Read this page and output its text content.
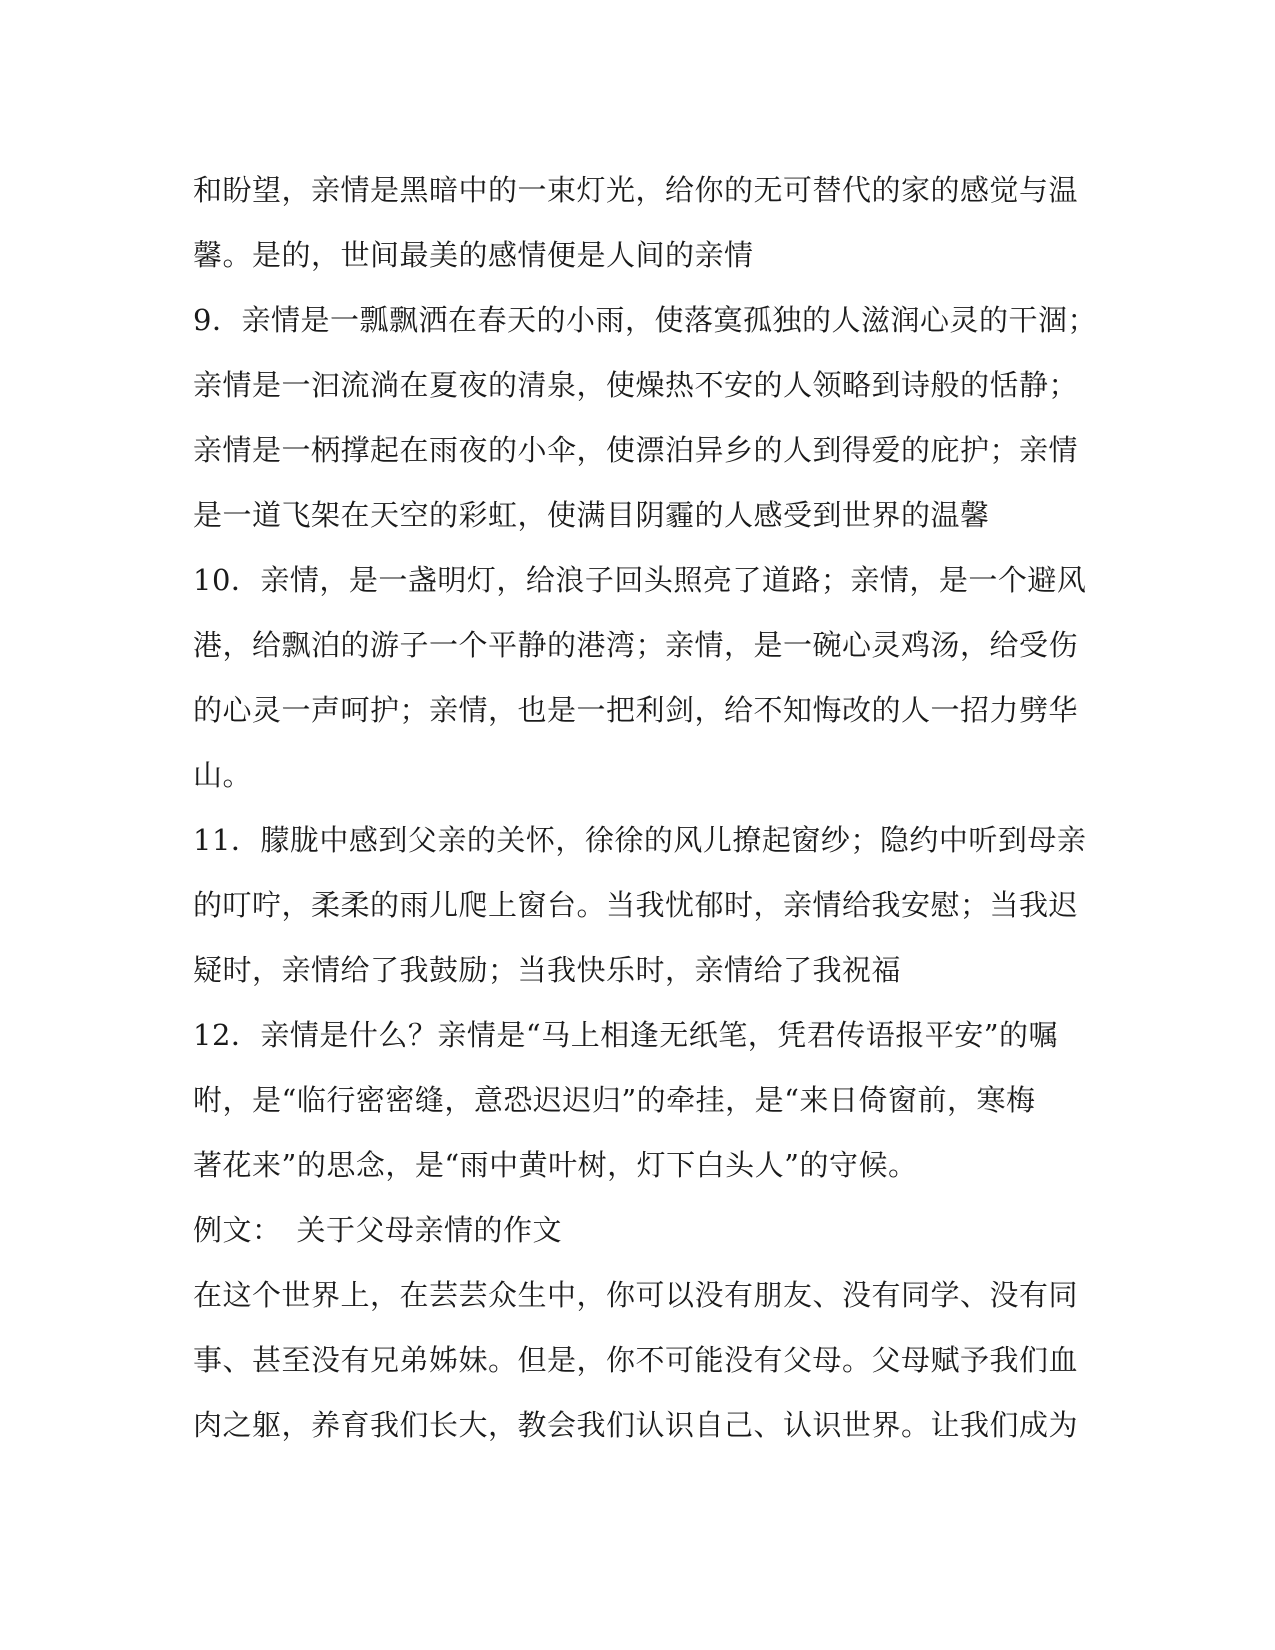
和盼望，亲情是黑暗中的一束灯光，给你的无可替代的家的感觉与温
馨。是的，世间最美的感情便是人间的亲情
9．亲情是一瓢飘洒在春天的小雨，使落寞孤独的人滋润心灵的干涸；
亲情是一汩流淌在夏夜的清泉，使燥热不安的人领略到诗般的恬静；
亲情是一柄撑起在雨夜的小伞，使漂泊异乡的人到得爱的庇护；亲情
是一道飞架在天空的彩虹，使满目阴霾的人感受到世界的温馨
10．亲情，是一盏明灯，给浪子回头照亮了道路；亲情，是一个避风
港，给飘泊的游子一个平静的港湾；亲情，是一碗心灵鸡汤，给受伤
的心灵一声呵护；亲情，也是一把利剑，给不知悔改的人一招力劈华
山。
11．朦胧中感到父亲的关怀，徐徐的风儿撩起窗纱；隐约中听到母亲
的叮咛，柔柔的雨儿爬上窗台。当我忧郁时，亲情给我安慰；当我迟
疑时，亲情给了我鼓励；当我快乐时，亲情给了我祝福
12．亲情是什么？亲情是“马上相逢无纸笔，凭君传语报平安”的嘱
咐，是“临行密密缝，意恐迟迟归”的牵挂，是“来日倚窗前，寒梅
著花来”的思念，是“雨中黄叶树，灯下白头人”的守候。
例文：　关于父母亲情的作文
在这个世界上，在芸芸众生中，你可以没有朋友、没有同学、没有同
事、甚至没有兄弟姊妹。但是，你不可能没有父母。父母赋予我们血
肉之躯，养育我们长大，教会我们认识自己、认识世界。让我们成为
